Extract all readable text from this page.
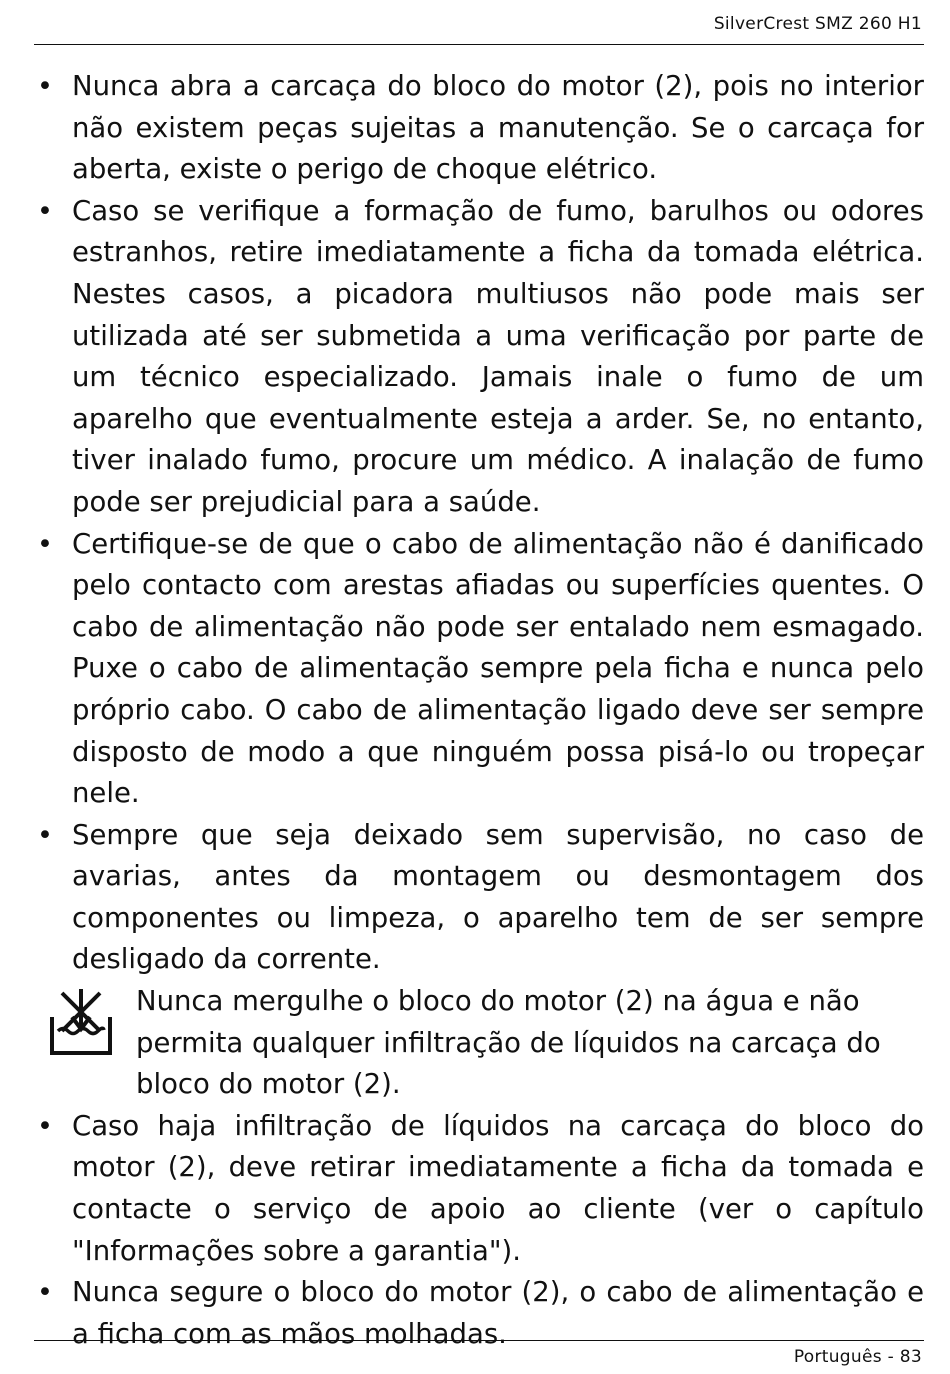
SilverCrest SMZ 260 H1
• Nunca abra a carcaça do bloco do motor (2), pois no interior não existem peças sujeitas a manutenção. Se o carcaça for aberta, existe o perigo de choque elétrico.
• Caso se verifique a formação de fumo, barulhos ou odores estranhos, retire imediatamente a ficha da tomada elétrica. Nestes casos, a picadora multiusos não pode mais ser utilizada até ser submetida a uma verificação por parte de um técnico especializado. Jamais inale o fumo de um aparelho que eventualmente esteja a arder. Se, no entanto, tiver inalado fumo, procure um médico. A inalação de fumo pode ser prejudicial para a saúde.
• Certifique-se de que o cabo de alimentação não é danificado pelo contacto com arestas afiadas ou superfícies quentes. O cabo de alimentação não pode ser entalado nem esmagado. Puxe o cabo de alimentação sempre pela ficha e nunca pelo próprio cabo. O cabo de alimentação ligado deve ser sempre disposto de modo a que ninguém possa pisá-lo ou tropeçar nele.
• Sempre que seja deixado sem supervisão, no caso de avarias, antes da montagem ou desmontagem dos componentes ou limpeza, o aparelho tem de ser sempre desligado da corrente.
Nunca mergulhe o bloco do motor (2) na água e não
permita qualquer infiltração de líquidos na carcaça do
bloco do motor (2).
• Caso haja infiltração de líquidos na carcaça do bloco do motor (2), deve retirar imediatamente a ficha da tomada e contacte o serviço de apoio ao cliente (ver o capítulo "Informações sobre a garantia").
• Nunca segure o bloco do motor (2), o cabo de alimentação e a ficha com as mãos molhadas.
Português - 83
